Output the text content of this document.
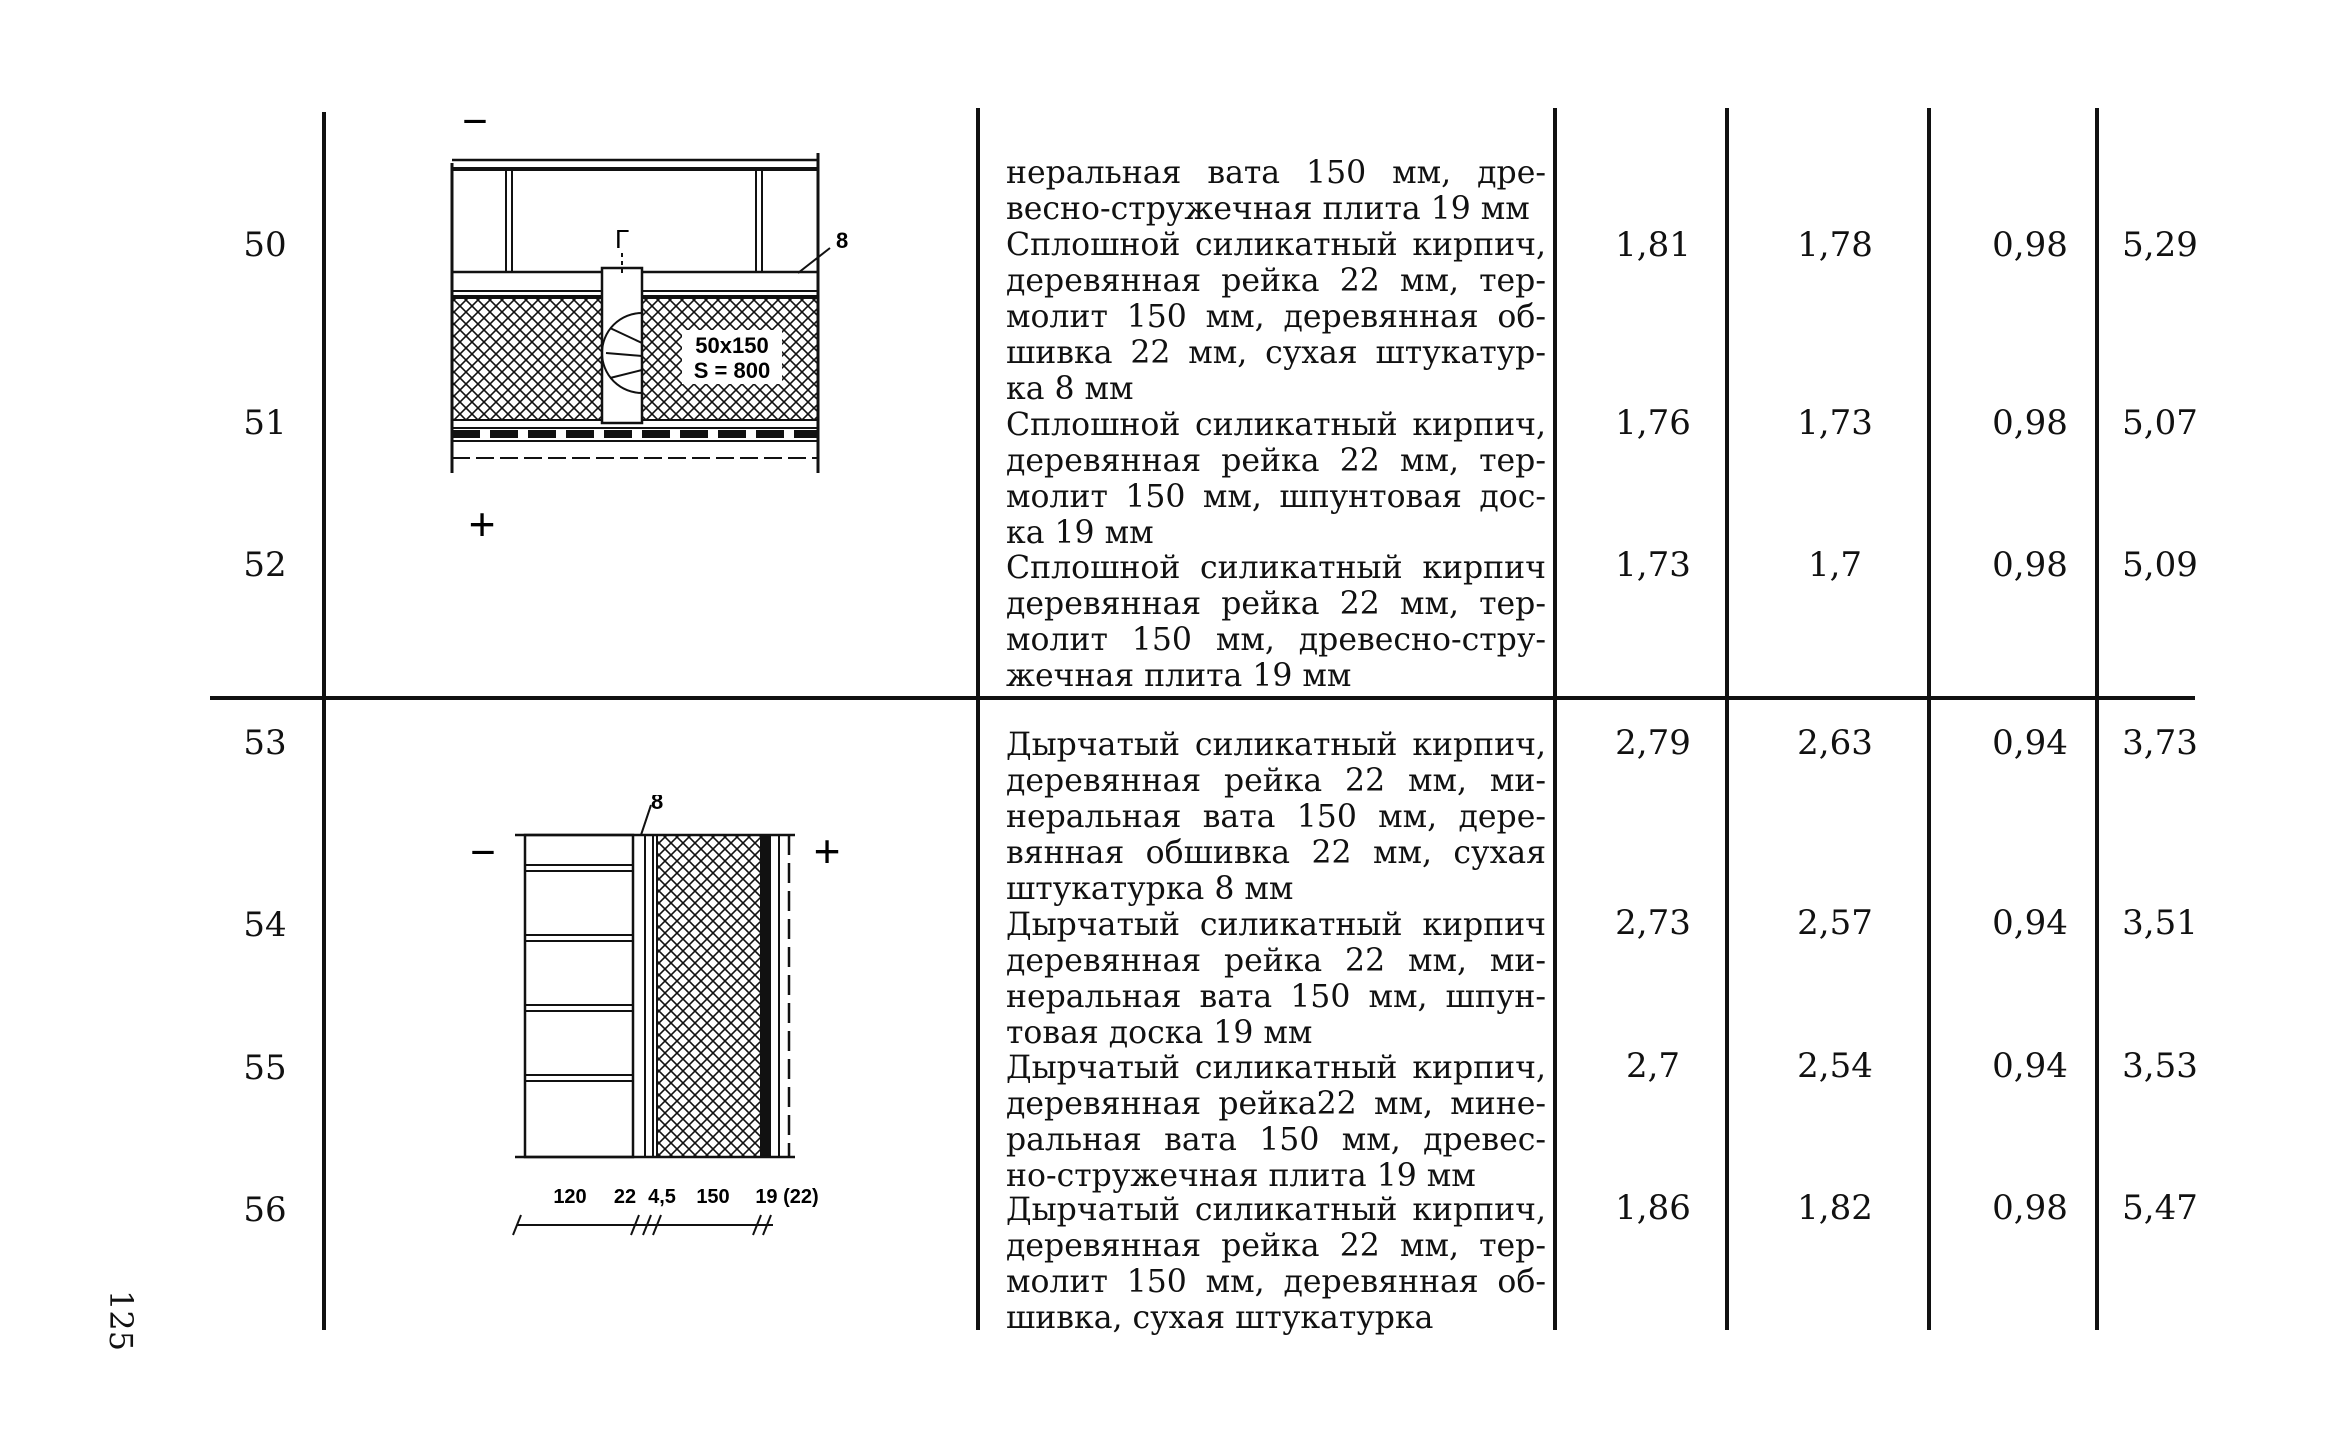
−
Г
50x150
S = 800
8
+
неральная вата 150 мм, дре-
весно-стружечная плита 19 мм
50	Сплошной силикатный кирпич,
деревянная рейка 22 мм, тер-
молит 150 мм, деревянная об-
шивка 22 мм, сухая штукатур-
ка 8 мм
1,81	1,78	0,98	5,29
51	Сплошной силикатный кирпич,
деревянная рейка 22 мм, тер-
молит 150 мм, шпунтовая дос-
ка 19 мм
1,76	1,73	0,98	5,07
52	Сплошной силикатный кирпич
деревянная рейка 22 мм, тер-
молит 150 мм, древесно-стру-
жечная плита 19 мм
1,73	1,7	0,98	5,09
−	+
8
120 22 4,5 150 19 (22)
53	Дырчатый силикатный кирпич,
деревянная рейка 22 мм, ми-
неральная вата 150 мм, дере-
вянная обшивка 22 мм, сухая
штукатурка 8 мм
2,79	2,63	0,94	3,73
54	Дырчатый силикатный кирпич
деревянная рейка 22 мм, ми-
неральная вата 150 мм, шпун-
товая доска 19 мм
2,73	2,57	0,94	3,51
55	Дырчатый силикатный кирпич,
деревянная рейка22 мм, мине-
ральная вата 150 мм, древес-
но-стружечная плита 19 мм
2,7	2,54	0,94	3,53
56	Дырчатый силикатный кирпич,
деревянная рейка 22 мм, тер-
молит 150 мм, деревянная об-
шивка, сухая штукатурка
1,86	1,82	0,98	5,47
125
